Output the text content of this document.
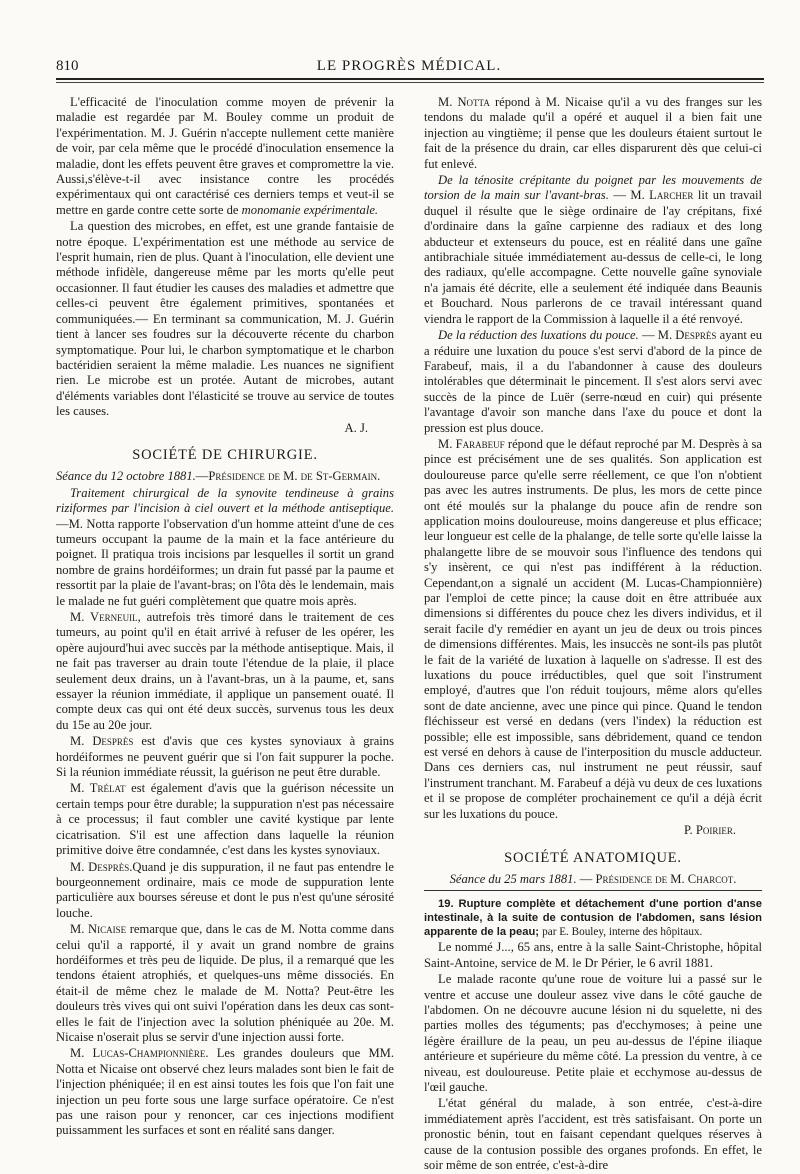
810	LE PROGRÈS MÉDICAL.

L'efficacité de l'inoculation comme moyen de prévenir la maladie est regardée par M. Bouley comme un produit de l'expérimentation. M. J. Guérin n'accepte nullement cette manière de voir, par cela même que le procédé d'inoculation ensemence la maladie, dont les effets peuvent être graves et compromettre la vie. Aussi,s'élève-t-il avec insistance contre les procédés expérimentaux qui ont caractérisé ces derniers temps et veut-il se mettre en garde contre cette sorte de monomanie expérimentale.

La question des microbes, en effet, est une grande fantaisie de notre époque. L'expérimentation est une méthode au service de l'esprit humain, rien de plus. Quant à l'inoculation, elle devient une méthode infidèle, dangereuse même par les morts qu'elle peut occasionner. Il faut étudier les causes des maladies et admettre que celles-ci peuvent être également primitives, spontanées et communiquées.— En terminant sa communication, M. J. Guérin tient à lancer ses foudres sur la découverte récente du charbon symptomatique. Pour lui, le charbon symptomatique et le charbon bactéridien seraient la même maladie. Les nuances ne signifient rien. Le microbe est un protée. Autant de microbes, autant d'éléments variables dont l'élasticité se trouve au service de toutes les causes.

A. J.
SOCIÉTÉ DE CHIRURGIE.

Séance du 12 octobre 1881.—Présidence de M. de St-Germain.

Traitement chirurgical de la synovite tendineuse à grains riziformes par l'incision à ciel ouvert et la méthode antiseptique.—M. Notta rapporte l'observation d'un homme atteint d'une de ces tumeurs occupant la paume de la main et la face antérieure du poignet. Il pratiqua trois incisions par lesquelles il sortit un grand nombre de grains hordéiformes; un drain fut passé par la paume et ressortit par la plaie de l'avant-bras; on l'ôta dès le lendemain, mais le malade ne fut guéri complètement que quatre mois après.

M. Verneuil, autrefois très timoré dans le traitement de ces tumeurs, au point qu'il en était arrivé à refuser de les opérer, les opère aujourd'hui avec succès par la méthode antiseptique. Mais, il ne fait pas traverser au drain toute l'étendue de la plaie, il place seulement deux drains, un à l'avant-bras, un à la paume, et, sans essayer la réunion immédiate, il applique un pansement ouaté. Il compte deux cas qui ont été deux succès, survenus tous les deux du 15e au 20e jour.

M. Desprès est d'avis que ces kystes synoviaux à grains hordéiformes ne peuvent guérir que si l'on fait suppurer la poche. Si la réunion immédiate réussit, la guérison ne peut être durable.

M. Trélat est également d'avis que la guérison nécessite un certain temps pour être durable; la suppuration n'est pas nécessaire à ce processus; il faut combler une cavité kystique par lente cicatrisation. S'il est une affection dans laquelle la réunion primitive doive être condamnée, c'est dans les kystes synoviaux.

M. Desprès.Quand je dis suppuration, il ne faut pas entendre le bourgeonnement ordinaire, mais ce mode de suppuration lente particulière aux bourses séreuse et dont le pus n'est qu'une sérosité louche.

M. Nicaise remarque que, dans le cas de M. Notta comme dans celui qu'il a rapporté, il y avait un grand nombre de grains hordéiformes et très peu de liquide. De plus, il a remarqué que les tendons étaient atrophiés, et quelques-uns même dissociés. En était-il de même chez le malade de M. Notta? Peut-être les douleurs très vives qui ont suivi l'opération dans les deux cas sont-elles le fait de l'injection avec la solution phéniquée au 20e. M. Nicaise n'oserait plus se servir d'une injection aussi forte.

M. Lucas-Championnière. Les grandes douleurs que MM. Notta et Nicaise ont observé chez leurs malades sont bien le fait de l'injection phéniquée; il en est ainsi toutes les fois que l'on fait une injection un peu forte sous une large surface opératoire. Ce n'est pas une raison pour y renoncer, car ces injections modifient puissamment les surfaces et sont en réalité sans danger.

M. Notta répond à M. Nicaise qu'il a vu des franges sur les tendons du malade qu'il a opéré et auquel il a bien fait une injection au vingtième; il pense que les douleurs étaient surtout le fait de la présence du drain, car elles disparurent dès que celui-ci fut enlevé.

De la ténosite crépitante du poignet par les mouvements de torsion de la main sur l'avant-bras. — M. Larcher lit un travail duquel il résulte que le siège ordinaire de l'ay crépitans, fixé d'ordinaire dans la gaîne carpienne des radiaux et des long abducteur et extenseurs du pouce, est en réalité dans une gaîne antibrachiale située immédiatement au-dessus de celle-ci, le long des radiaux, qu'elle accompagne. Cette nouvelle gaîne synoviale n'a jamais été décrite, elle a seulement été indiquée dans Beaunis et Bouchard. Nous parlerons de ce travail intéressant quand viendra le rapport de la Commission à laquelle il a été renvoyé.

De la réduction des luxations du pouce. — M. Desprès ayant eu a réduire une luxation du pouce s'est servi d'abord de la pince de Farabeuf, mais, il a du l'abandonner à cause des douleurs intolérables que déterminait le pincement. Il s'est alors servi avec succès de la pince de Luër (serre-nœud en cuir) qui présente l'avantage d'avoir son manche dans l'axe du pouce et dont la pression est plus douce.

M. Farabeuf répond que le défaut reproché par M. Desprès à sa pince est précisément une de ses qualités. Son application est douloureuse parce qu'elle serre réellement, ce que l'on n'obtient pas avec les autres instruments. De plus, les mors de cette pince ont été moulés sur la phalange du pouce afin de rendre son application moins douloureuse, moins dangereuse et plus efficace; leur longueur est celle de la phalange, de telle sorte qu'elle laisse la phalangette libre de se mouvoir sous l'influence des tendons qui s'y insèrent, ce qui n'est pas indifférent à la réduction. Cependant,on a signalé un accident (M. Lucas-Championnière) par l'emploi de cette pince; la cause doit en être attribuée aux dimensions si différentes du pouce chez les divers individus, et il serait facile d'y remédier en ayant un jeu de deux ou trois pinces de dimensions différentes. Mais, les insuccès ne sont-ils pas plutôt le fait de la variété de luxation à laquelle on s'adresse. Il est des luxations du pouce irréductibles, quel que soit l'instrument employé, d'autres que l'on réduit toujours, même alors qu'elles sont de date ancienne, avec une pince qui pince. Quand le tendon fléchisseur est versé en dedans (vers l'index) la réduction est possible; elle est impossible, sans débridement, quand ce tendon est versé en dehors à cause de l'interposition du muscle adducteur. Dans ces derniers cas, nul instrument ne peut réussir, sauf l'instrument tranchant. M. Farabeuf a déjà vu deux de ces luxations et il se propose de compléter prochainement ce qu'il a déjà écrit sur les luxations du pouce.

P. Poirier.
SOCIÉTÉ ANATOMIQUE.
Séance du 25 mars 1881. — Présidence de M. Charcot.

19. Rupture complète et détachement d'une portion d'anse intestinale, à la suite de contusion de l'abdomen, sans lésion apparente de la peau; par E. Bouley, interne des hôpitaux.

Le nommé J..., 65 ans, entre à la salle Saint-Christophe, hôpital Saint-Antoine, service de M. le Dr Périer, le 6 avril 1881.

Le malade raconte qu'une roue de voiture lui a passé sur le ventre et accuse une douleur assez vive dans le côté gauche de l'abdomen. On ne découvre aucune lésion ni du squelette, ni des parties molles des téguments; pas d'ecchymoses; à peine une légère éraillure de la peau, un peu au-dessus de l'épine iliaque antérieure et supérieure du même côté. La pression du ventre, à ce niveau, est douloureuse. Petite plaie et ecchymose au-dessus de l'œil gauche.

L'état général du malade, à son entrée, c'est-à-dire immédiatement après l'accident, est très satisfaisant. On porte un pronostic bénin, tout en faisant cependant quelques réserves à cause de la contusion possible des organes profonds. En effet, le soir même de son entrée, c'est-à-dire
